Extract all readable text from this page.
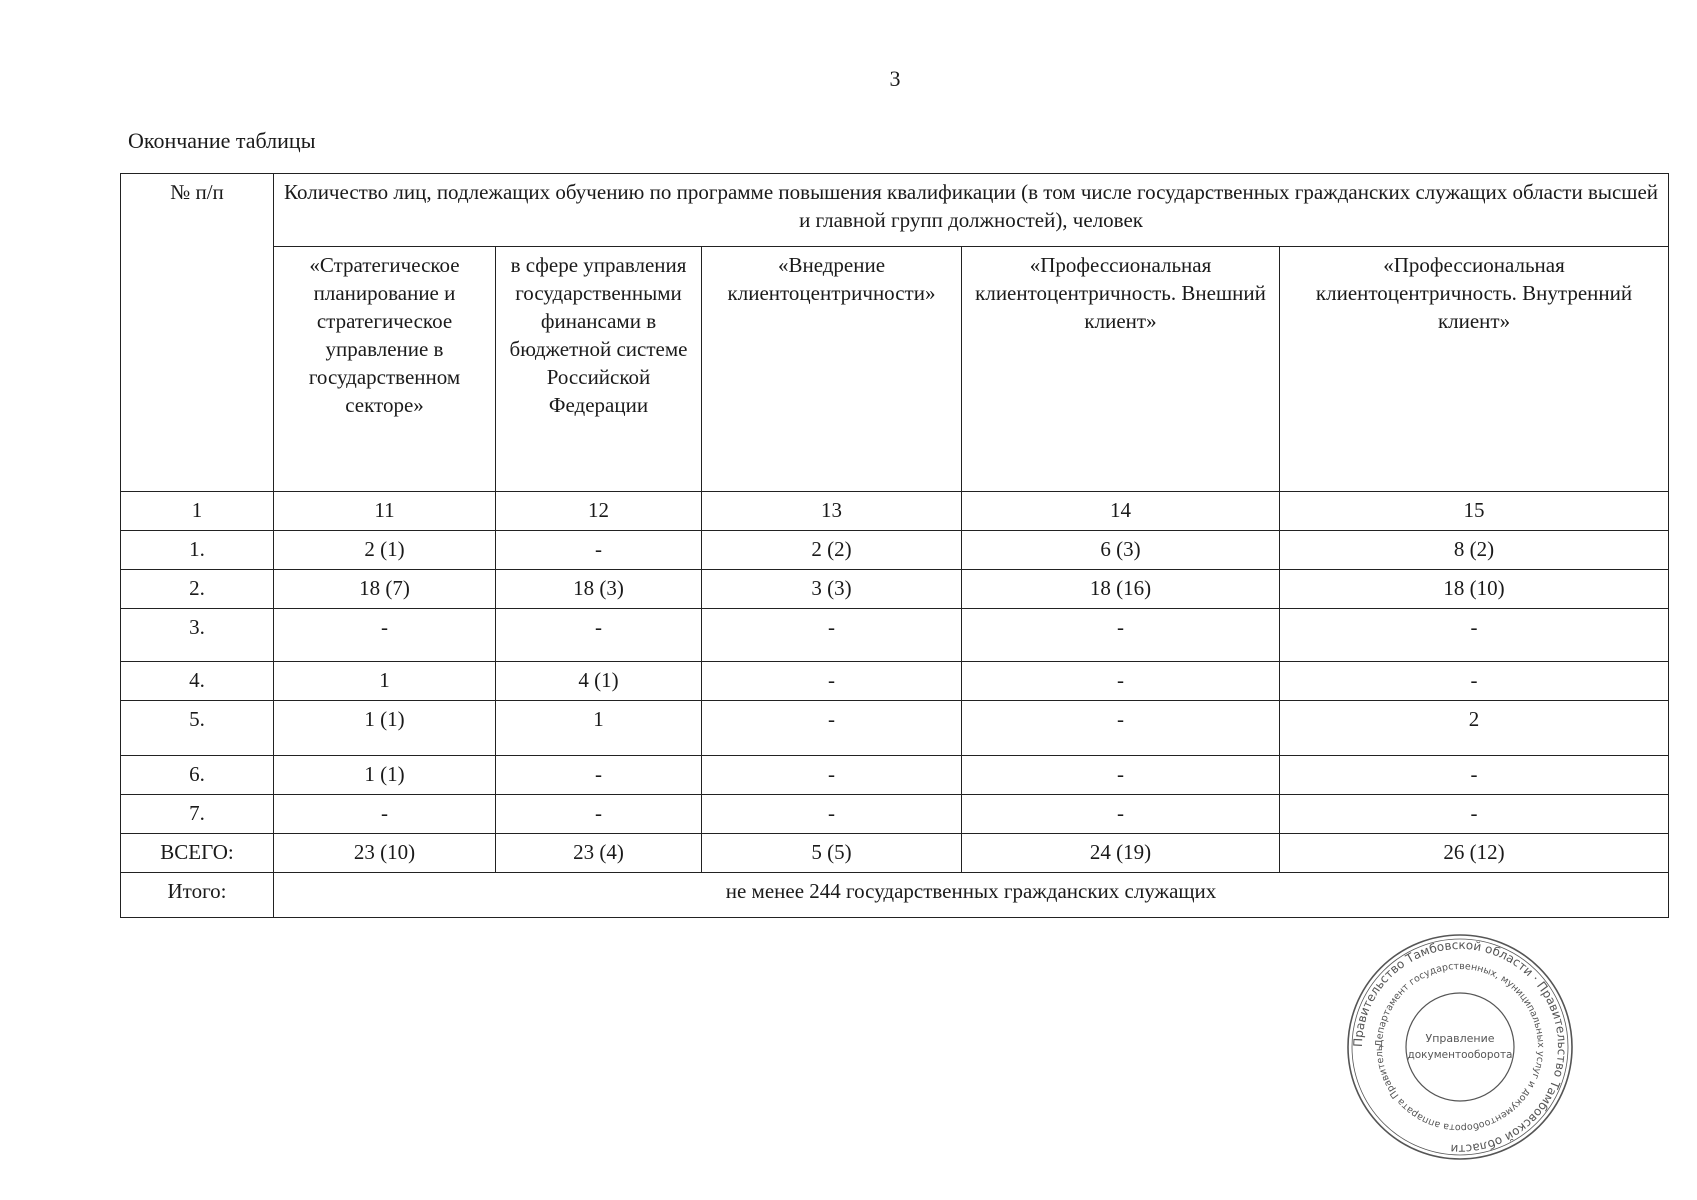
3
Окончание таблицы
№ п/п	Количество лиц, подлежащих обучению по программе повышения квалификации (в том числе государственных гражданских служащих области высшей и главной групп должностей), человек				
	«Стратегическое планирование и стратегическое управление в государственном секторе»	в сфере управления государственными финансами в бюджетной системе Российской Федерации	«Внедрение клиентоцентричности»	«Профессиональная клиентоцентричность. Внешний клиент»	«Профессиональная клиентоцентричность. Внутренний клиент»
1	11	12	13	14	15
1.	2 (1)	-	2 (2)	6 (3)	8 (2)
2.	18 (7)	18 (3)	3 (3)	18 (16)	18 (10)
3.	-	-	-	-	-
4.	1	4 (1)	-	-	-
5.	1 (1)	1	-	-	2
6.	1 (1)	-	-	-	-
7.	-	-	-	-	-
ВСЕГО:	23 (10)	23 (4)	5 (5)	24 (19)	26 (12)
Итого:	не менее 244 государственных гражданских служащих				
Правительство Тамбовской области · Правительство Тамбовской области
Департамент государственных, муниципальных услуг и документооборота аппарата Правитель
Управление
документооборота
